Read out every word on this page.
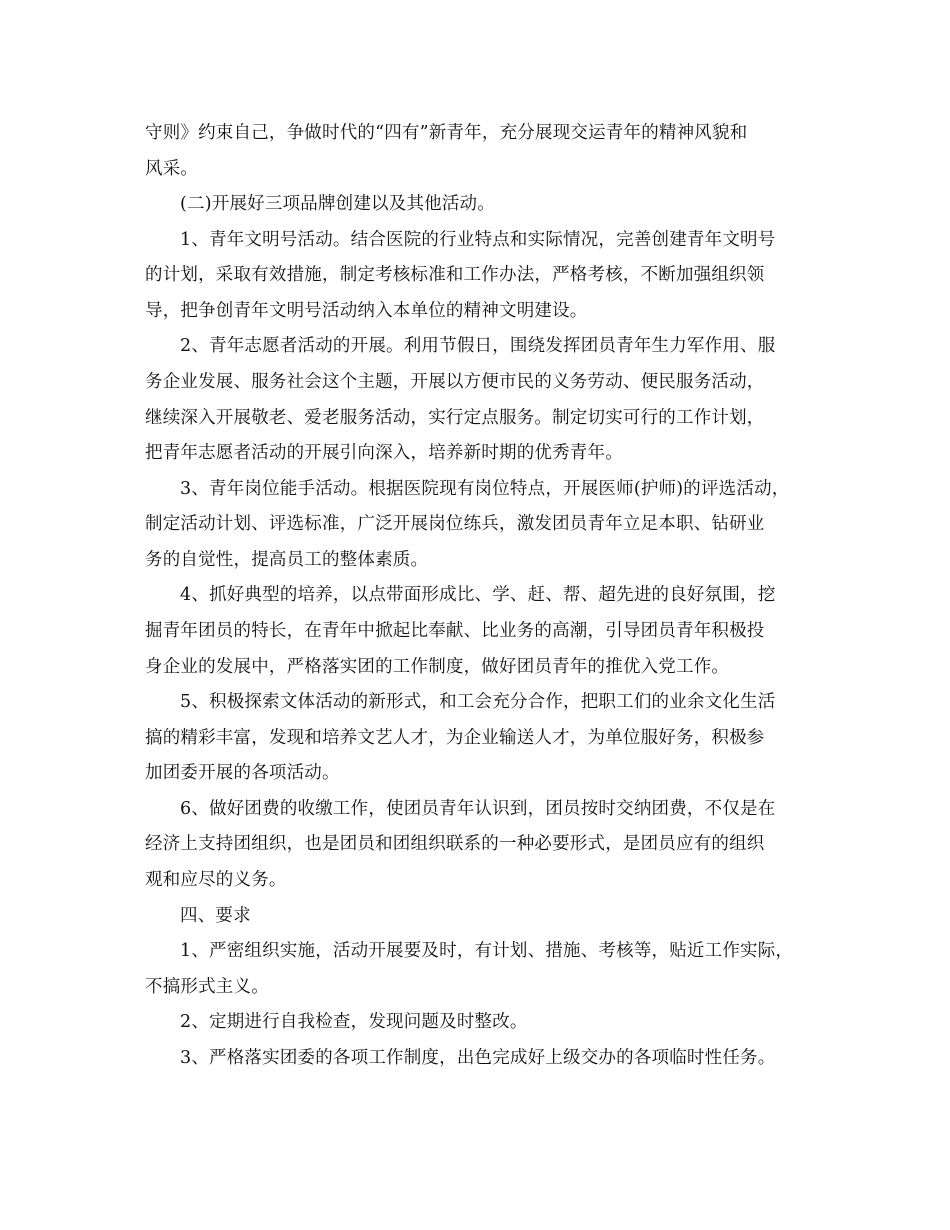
守则》约束自己，争做时代的“四有”新青年，充分展现交运青年的精神风貌和
风采。
(二)开展好三项品牌创建以及其他活动。
1、青年文明号活动。结合医院的行业特点和实际情况，完善创建青年文明号
的计划，采取有效措施，制定考核标准和工作办法，严格考核，不断加强组织领
导，把争创青年文明号活动纳入本单位的精神文明建设。
2、青年志愿者活动的开展。利用节假日，围绕发挥团员青年生力军作用、服
务企业发展、服务社会这个主题，开展以方便市民的义务劳动、便民服务活动，
继续深入开展敬老、爱老服务活动，实行定点服务。制定切实可行的工作计划，
把青年志愿者活动的开展引向深入，培养新时期的优秀青年。
3、青年岗位能手活动。根据医院现有岗位特点，开展医师(护师)的评选活动，
制定活动计划、评选标准，广泛开展岗位练兵，激发团员青年立足本职、钻研业
务的自觉性，提高员工的整体素质。
4、抓好典型的培养，以点带面形成比、学、赶、帮、超先进的良好氛围，挖
掘青年团员的特长，在青年中掀起比奉献、比业务的高潮，引导团员青年积极投
身企业的发展中，严格落实团的工作制度，做好团员青年的推优入党工作。
5、积极探索文体活动的新形式，和工会充分合作，把职工们的业余文化生活
搞的精彩丰富，发现和培养文艺人才，为企业输送人才，为单位服好务，积极参
加团委开展的各项活动。
6、做好团费的收缴工作，使团员青年认识到，团员按时交纳团费，不仅是在
经济上支持团组织，也是团员和团组织联系的一种必要形式，是团员应有的组织
观和应尽的义务。
四、要求
1、严密组织实施，活动开展要及时，有计划、措施、考核等，贴近工作实际，
不搞形式主义。
2、定期进行自我检查，发现问题及时整改。
3、严格落实团委的各项工作制度，出色完成好上级交办的各项临时性任务。
